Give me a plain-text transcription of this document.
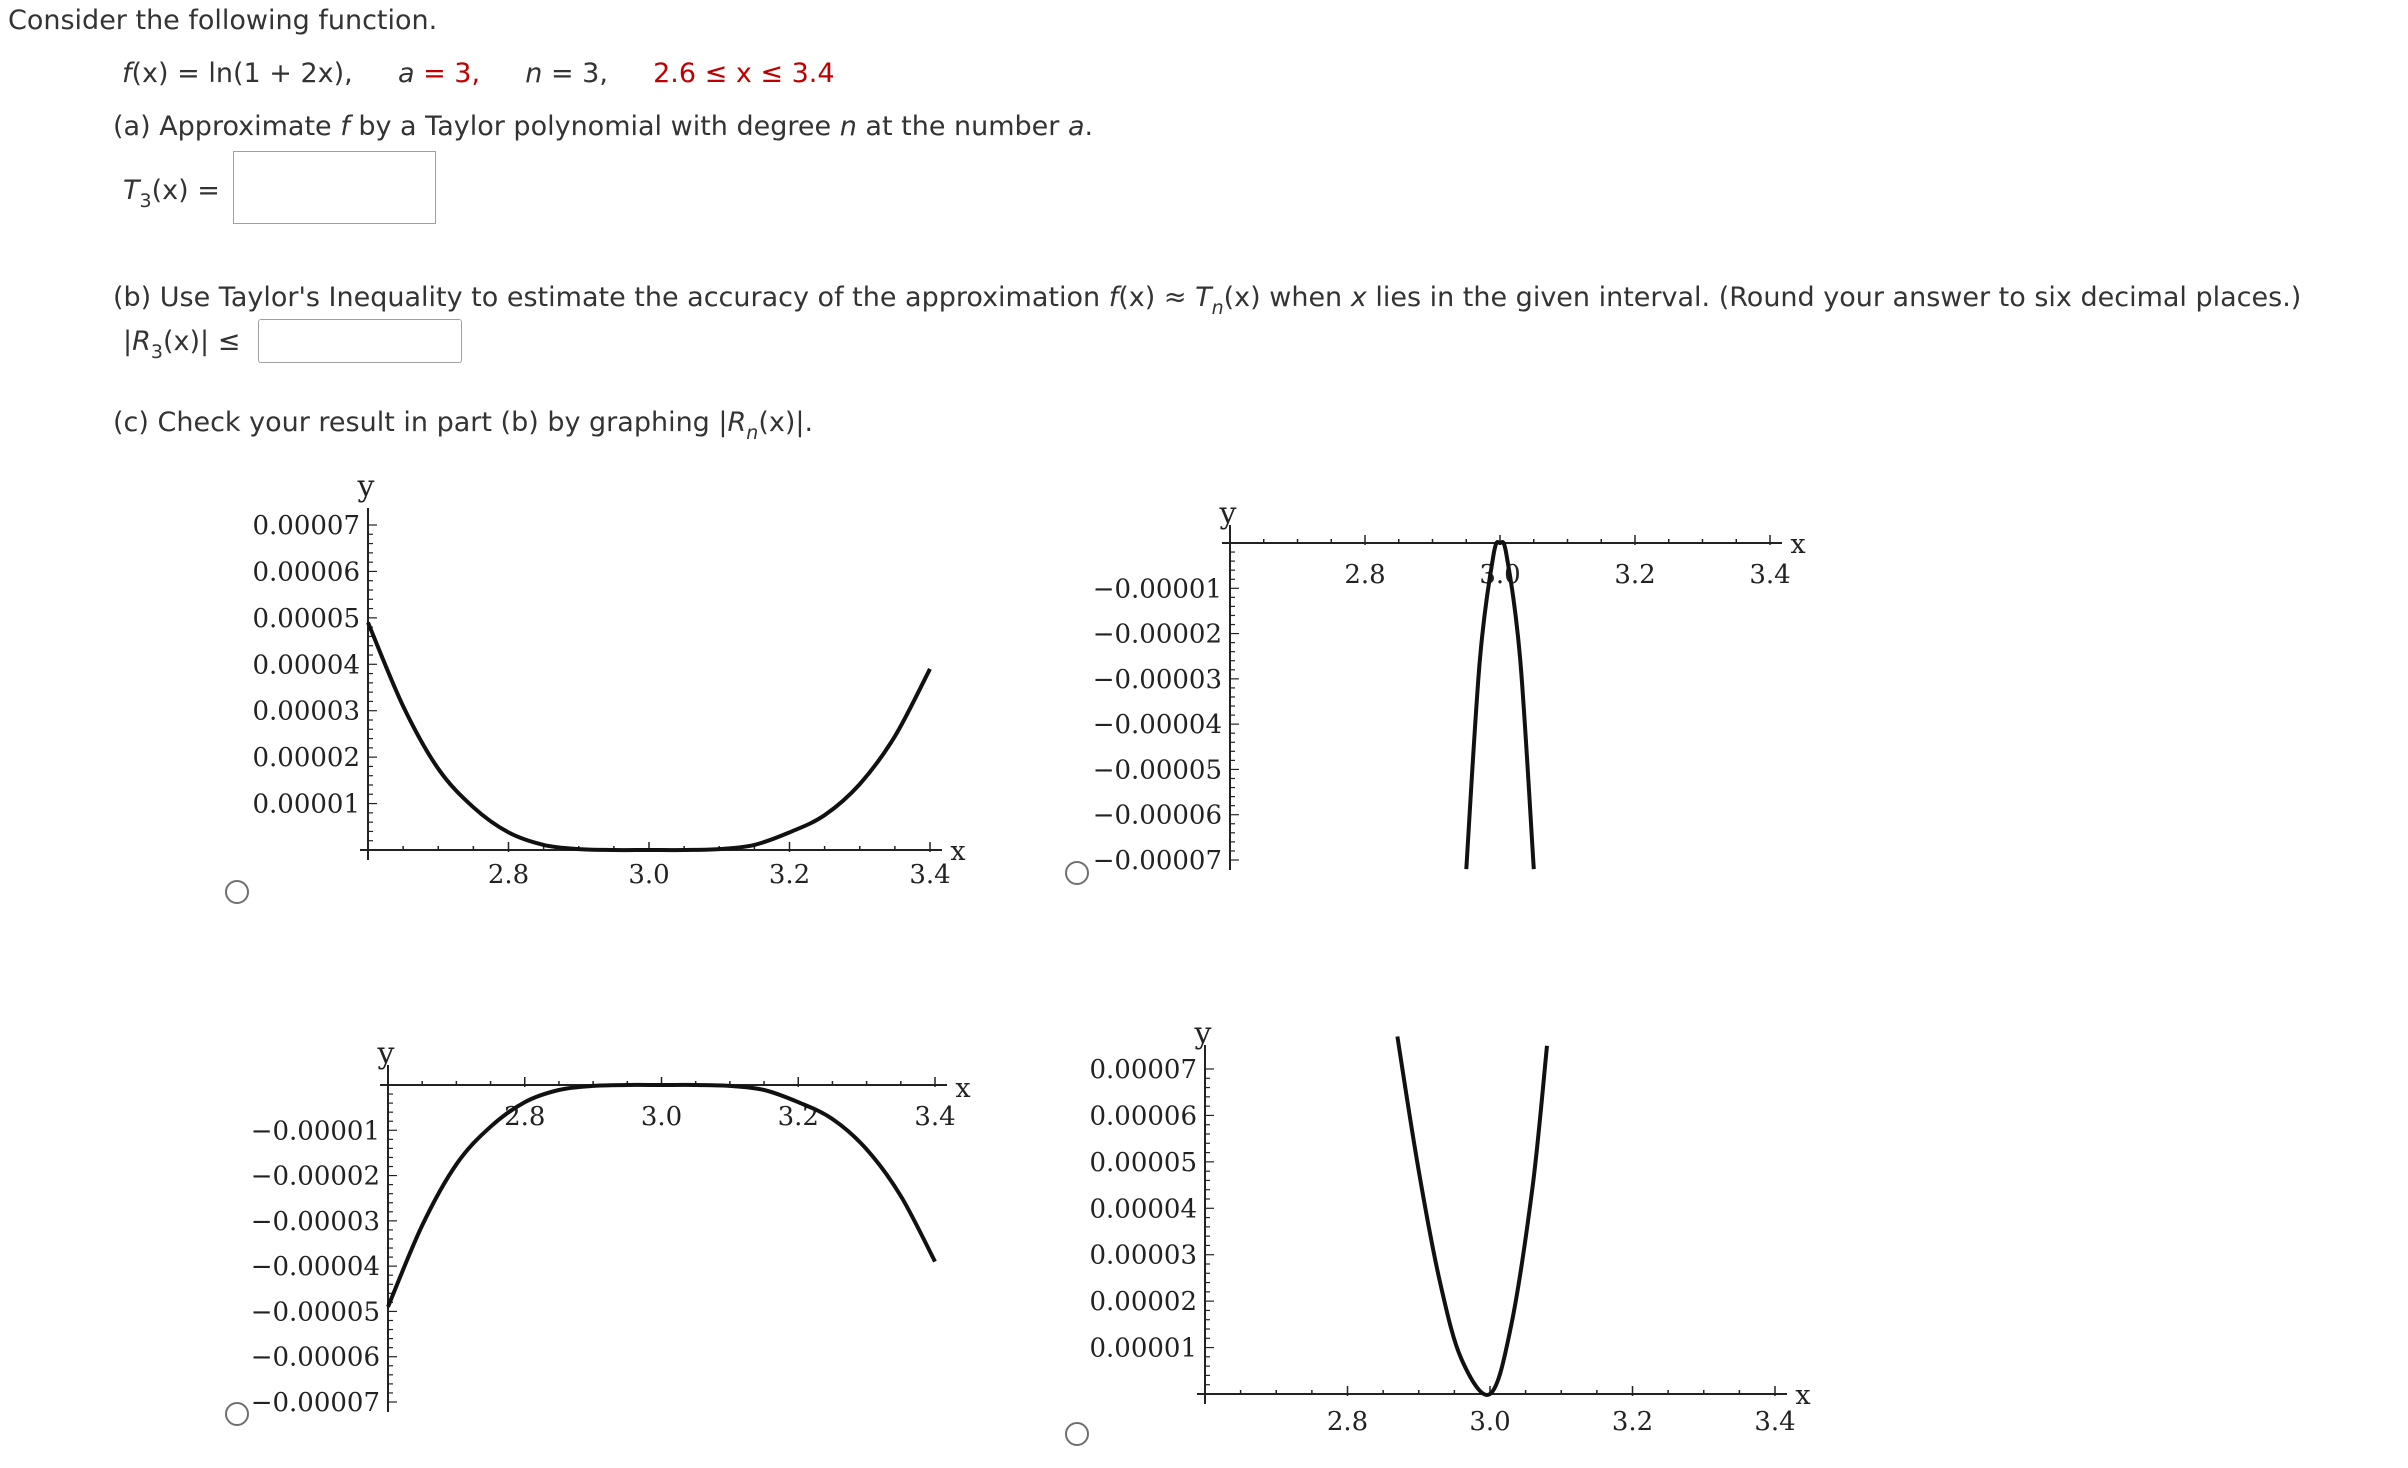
Consider the following function.
f(x) = ln(1 + 2x), a = 3, n = 3, 2.6 ≤ x ≤ 3.4
(a) Approximate f by a Taylor polynomial with degree n at the number a.
$T_3(x)$ =
(b) Use Taylor's Inequality to estimate the accuracy of the approximation $f(x) \approx T_n(x)$ when x lies in the given interval. (Round your answer to six decimal places.)
$|R_3(x)|$ ≤
(c) Check your result in part (b) by graphing $|R_n(x)|$.
2.8	3.0	3.2	3.4
x
y
0.00001
0.00002
0.00003
0.00004
0.00005
0.00006
0.00007
2.8	3.0	3.2	3.4
x
y
−0.00001
−0.00002
−0.00003
−0.00004
−0.00005
−0.00006
−0.00007
2.8	3.0	3.2	3.4
x
y
−0.00001
−0.00002
−0.00003
−0.00004
−0.00005
−0.00006
−0.00007
2.8	3.0	3.2	3.4
x
y
0.00001
0.00002
0.00003
0.00004
0.00005
0.00006
0.00007
